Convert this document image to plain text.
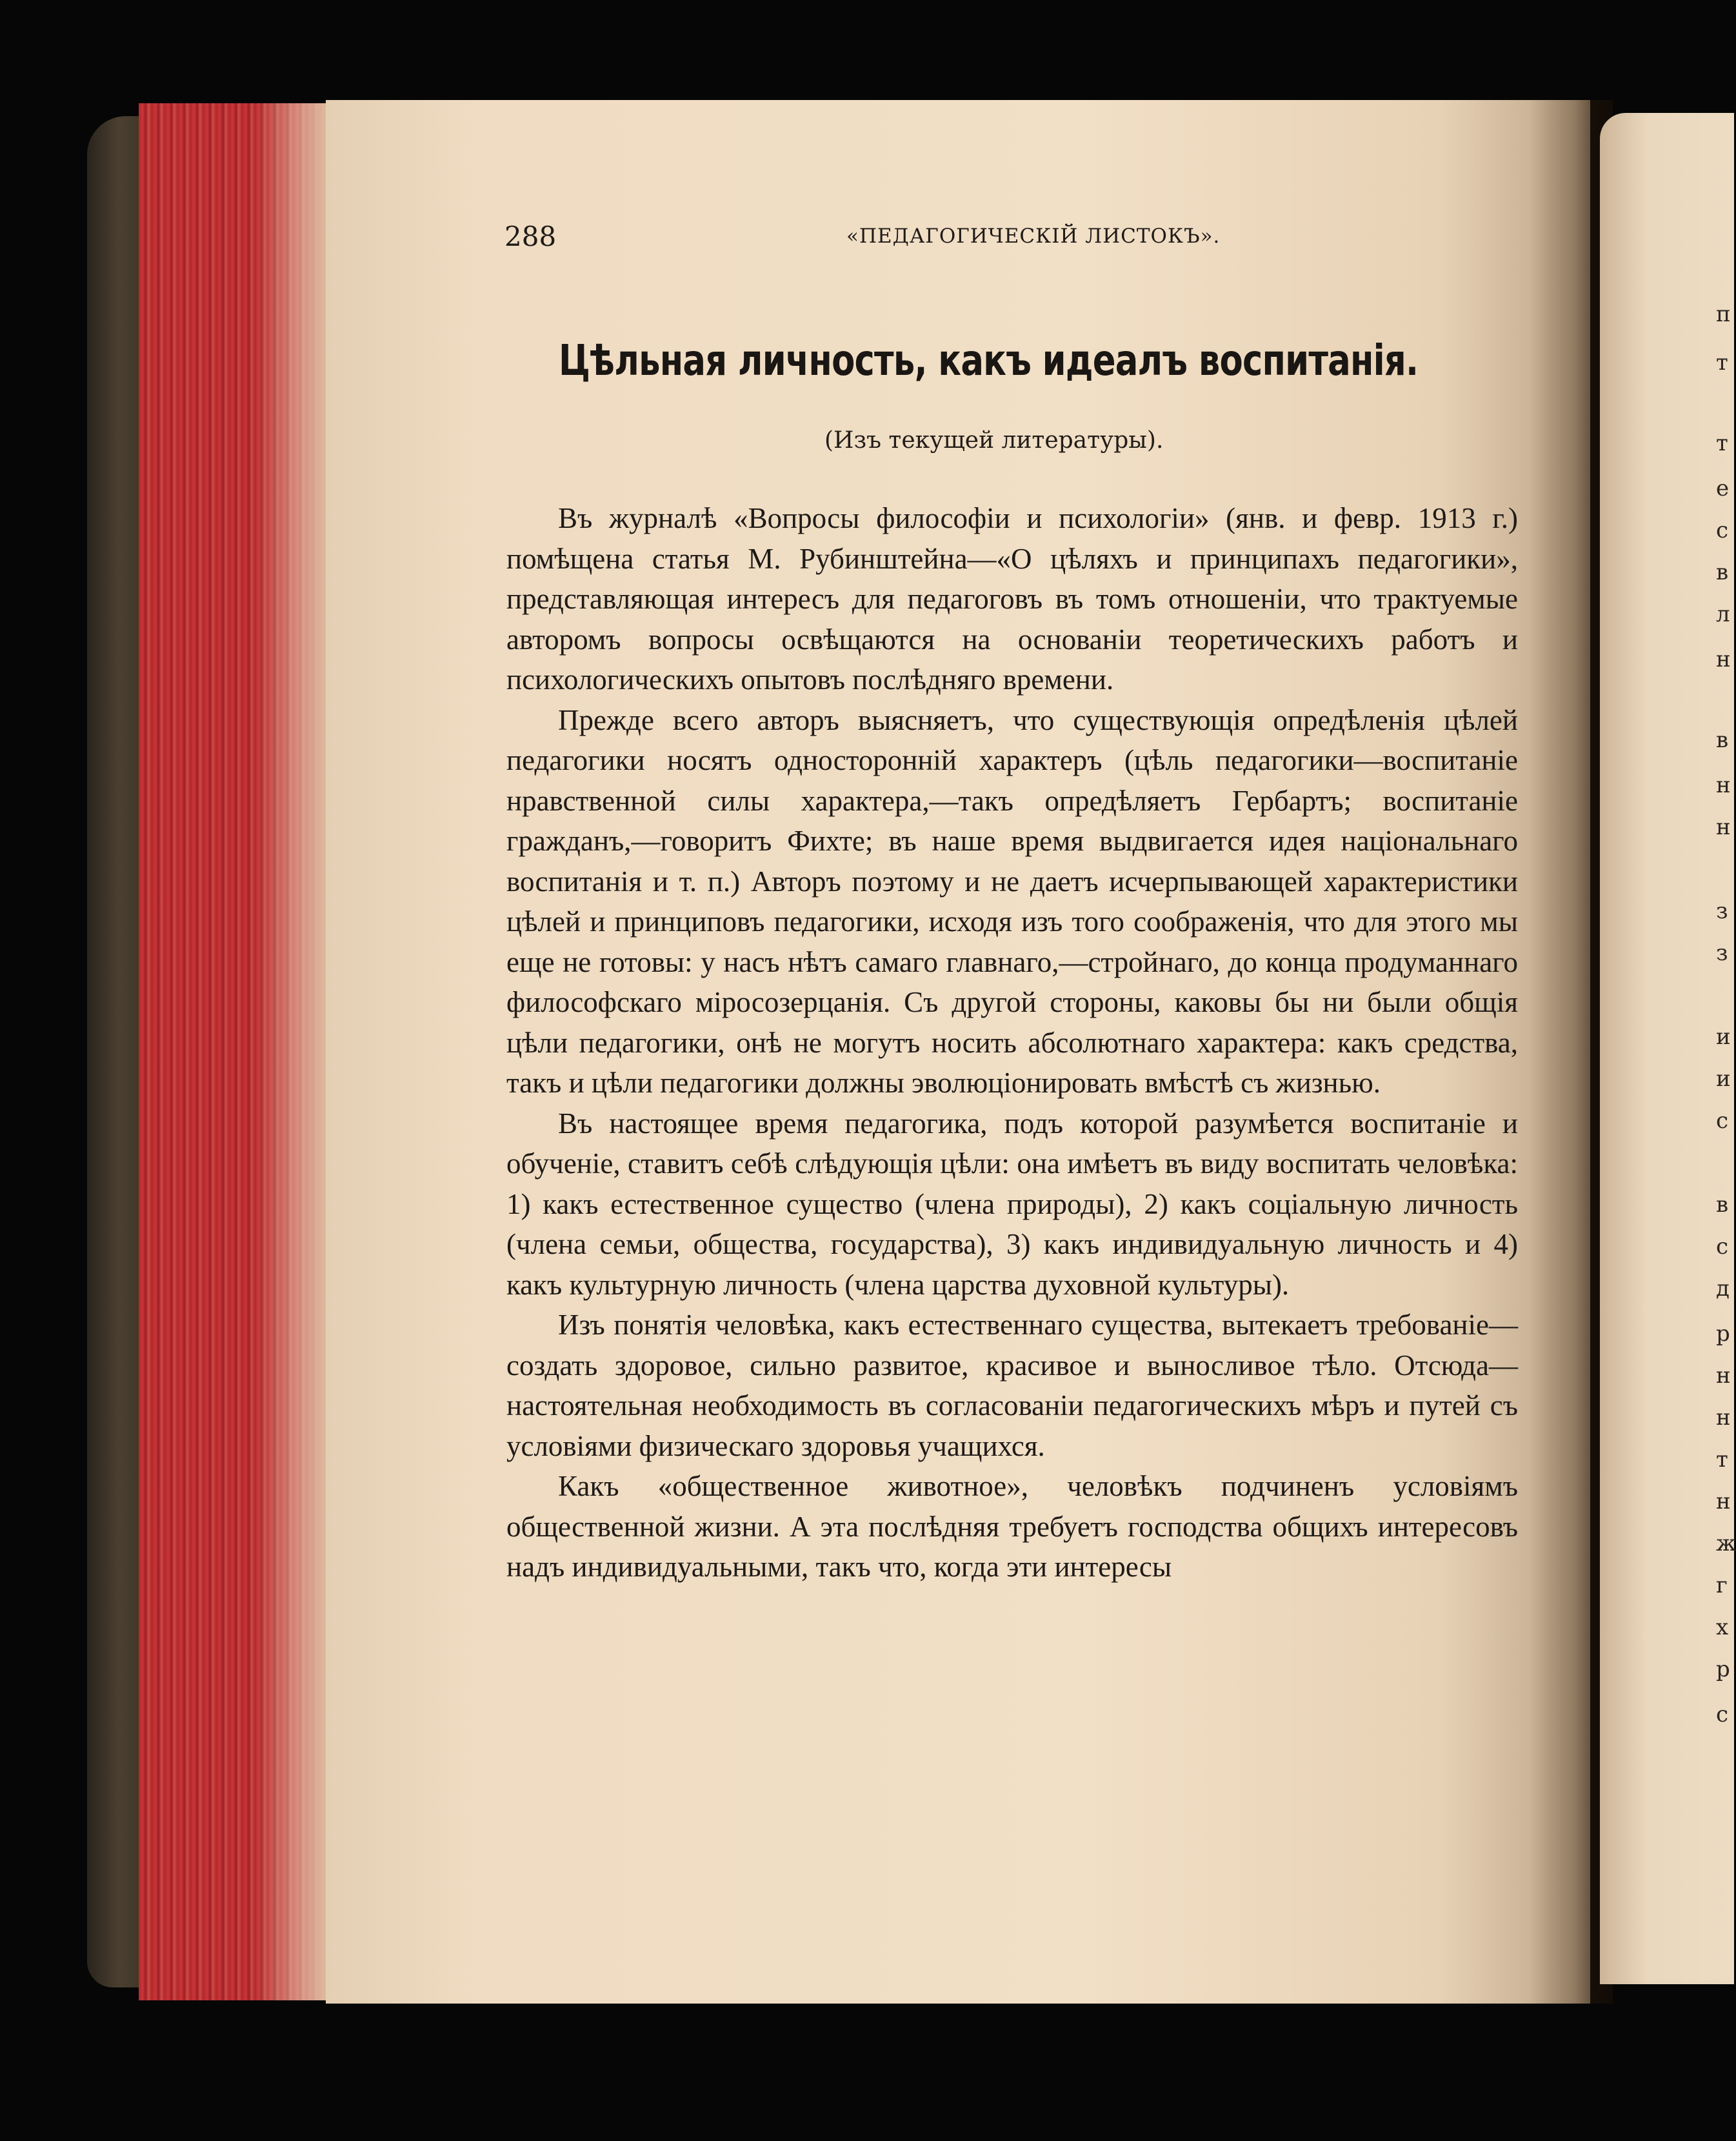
п
т
т
е
с
в
л
н
в
н
н
з
з
и
и
с
в
с
д
р
н
н
т
н
ж
г
х
р
с
288	«ПЕДАГОГИЧЕСКІЙ ЛИСТОКЪ».
Цѣльная личность, какъ идеалъ воспитанія.
(Изъ текущей литературы).

Въ журналѣ «Вопросы философіи и психологіи» (янв. и февр. 1913 г.) помѣщена статья М. Рубинштейна—«О цѣляхъ и принципахъ педагогики», представляющая интересъ для педагоговъ въ томъ отношеніи, что трактуемые авторомъ вопросы освѣщаются на основаніи теоретическихъ работъ и психологическихъ опытовъ послѣдняго времени.

Прежде всего авторъ выясняетъ, что существующія опредѣленія цѣлей педагогики носятъ односторонній характеръ (цѣль педагогики—воспитаніе нравственной силы характера,—такъ опредѣляетъ Гербартъ; воспитаніе гражданъ,—говоритъ Фихте; въ наше время выдвигается идея національнаго воспитанія и т. п.) Авторъ поэтому и не даетъ исчерпывающей характеристики цѣлей и принциповъ педагогики, исходя изъ того соображенія, что для этого мы еще не готовы: у насъ нѣтъ самаго главнаго,—стройнаго, до конца продуманнаго философскаго міросозерцанія. Съ другой стороны, каковы бы ни были общія цѣли педагогики, онѣ не могутъ носить абсолютнаго характера: какъ средства, такъ и цѣли педагогики должны эволюціонировать вмѣстѣ съ жизнью.

Въ настоящее время педагогика, подъ которой разумѣется воспитаніе и обученіе, ставитъ себѣ слѣдующія цѣли: она имѣетъ въ виду воспитать человѣка: 1) какъ естественное существо (члена природы), 2) какъ соціальную личность (члена семьи, общества, государства), 3) какъ индивидуальную личность и 4) какъ культурную личность (члена царства духовной культуры).

Изъ понятія человѣка, какъ естественнаго существа, вытекаетъ требованіе—создать здоровое, сильно развитое, красивое и выносливое тѣло. Отсюда—настоятельная необходимость въ согласованіи педагогическихъ мѣръ и путей съ условіями физическаго здоровья учащихся.

Какъ «общественное животное», человѣкъ подчиненъ условіямъ общественной жизни. А эта послѣдняя требуетъ господства общихъ интересовъ надъ индивидуальными, такъ что, когда эти интересы
